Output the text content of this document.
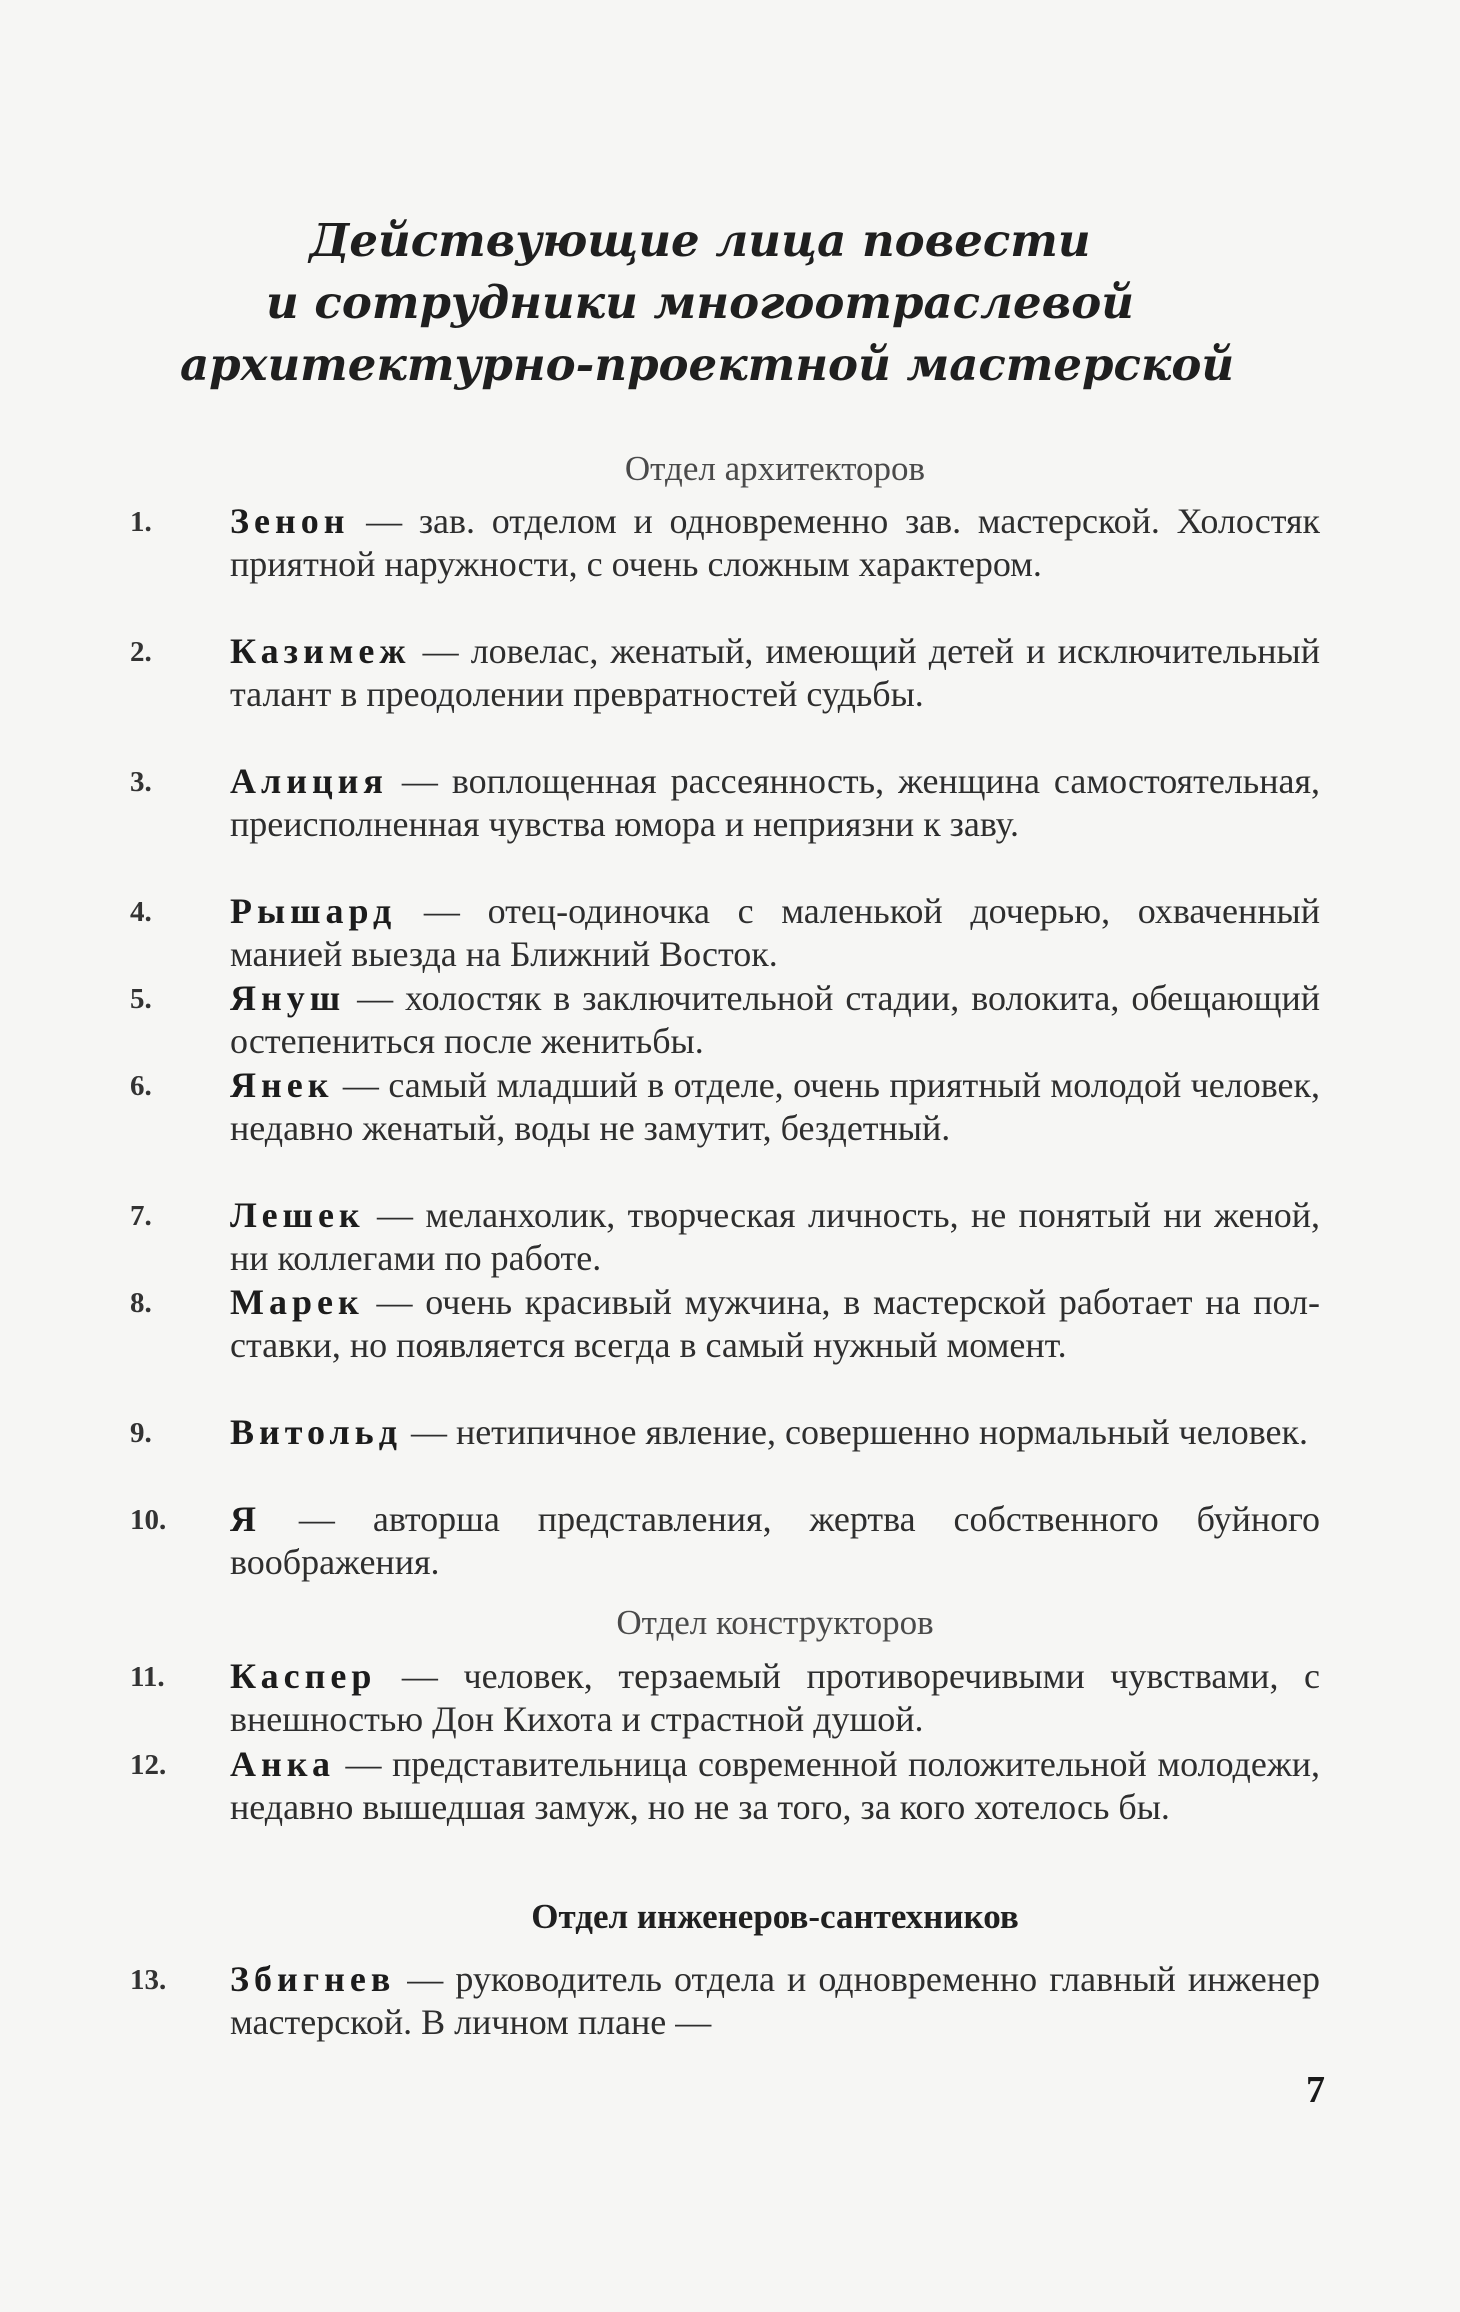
Действующие лица повести
и сотрудники многоотраслевой
архитектурно-проектной мастерской
Отдел архитекторов
1.	Зенон — зав. отделом и одновременно зав. мастерской. Холостяк приятной наружности, с очень сложным характером.
2.	Казимеж — ловелас, женатый, имеющий детей и исключительный талант в преодолении превратностей судьбы.
3.	Алиция — воплощенная рассеянность, женщина самостоятельная, преисполненная чувства юмора и неприязни к заву.
4.	Рышард — отец-одиночка с маленькой дочерью, охваченный манией выезда на Ближний Восток.
5.	Януш — холостяк в заключительной стадии, волокита, обещающий остепениться после женитьбы.
6.	Янек — самый младший в отделе, очень приятный молодой человек, недавно женатый, воды не замутит, бездетный.
7.	Лешек — меланхолик, творческая личность, не понятый ни женой, ни коллегами по работе.
8.	Марек — очень красивый мужчина, в мастерской работает на пол-ставки, но появляется всегда в самый нужный момент.
9.	Витольд — нетипичное явление, совершенно нормальный человек.
10.	Я — авторша представления, жертва собственного буйного воображения.
Отдел конструкторов
11.	Каспер — человек, терзаемый противоречивыми чувствами, с внешностью Дон Кихота и страстной душой.
12.	Анка — представительница современной положительной молодежи, недавно вышедшая замуж, но не за того, за кого хотелось бы.
Отдел инженеров-сантехников
13.	Збигнев — руководитель отдела и одновременно главный инженер мастерской. В личном плане —
7
